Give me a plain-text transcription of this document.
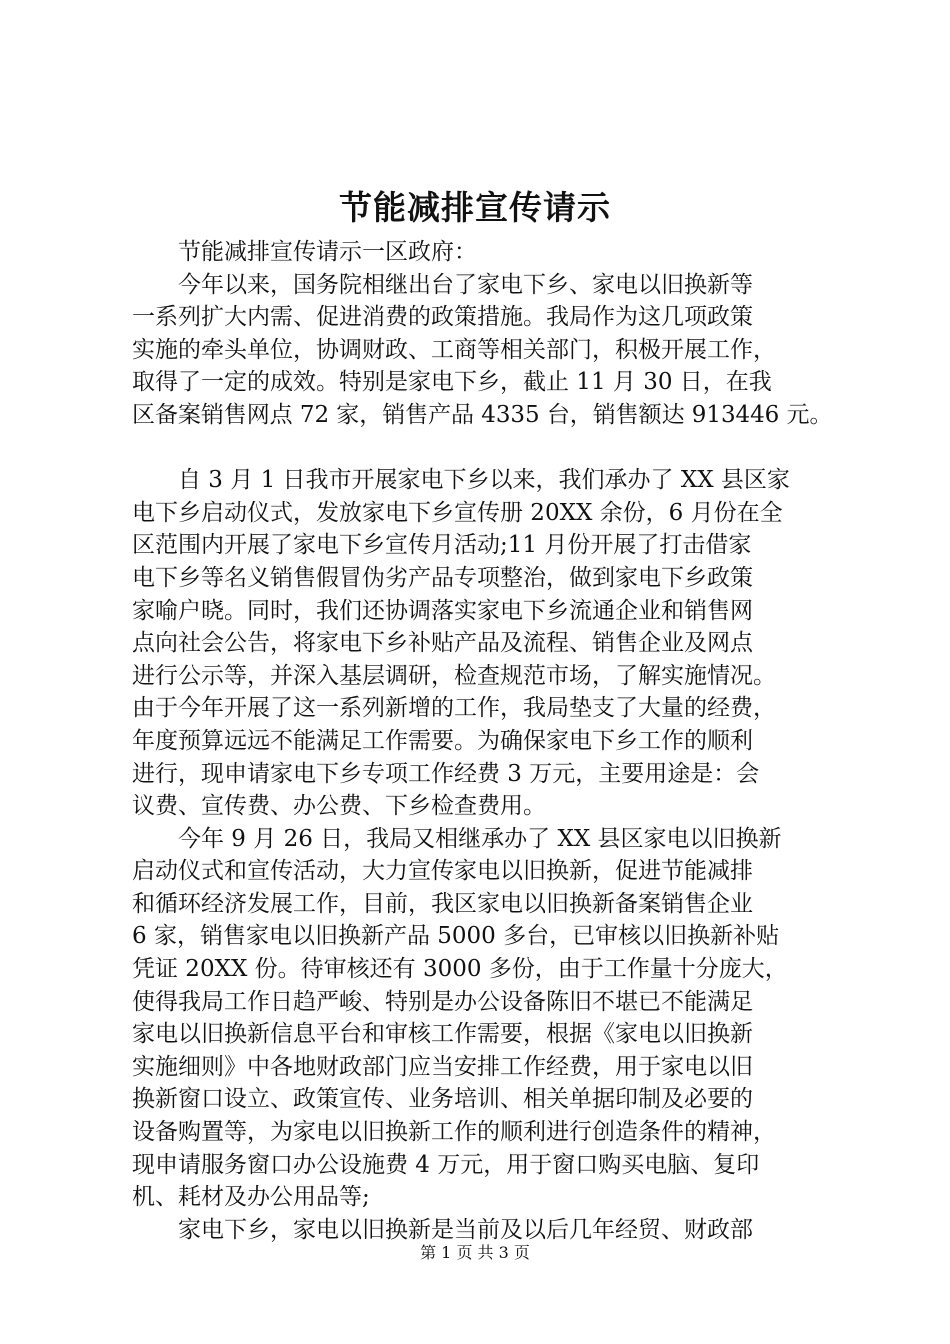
节能减排宣传请示
　　节能减排宣传请示一区政府：
　　今年以来，国务院相继出台了家电下乡、家电以旧换新等
一系列扩大内需、促进消费的政策措施。我局作为这几项政策
实施的牵头单位，协调财政、工商等相关部门，积极开展工作，
取得了一定的成效。特别是家电下乡，截止 11 月 30 日，在我
区备案销售网点 72 家，销售产品 4335 台，销售额达 913446 元。
　　自 3 月 1 日我市开展家电下乡以来，我们承办了 XX 县区家
电下乡启动仪式，发放家电下乡宣传册 20XX 余份，6 月份在全
区范围内开展了家电下乡宣传月活动;11 月份开展了打击借家
电下乡等名义销售假冒伪劣产品专项整治，做到家电下乡政策
家喻户晓。同时，我们还协调落实家电下乡流通企业和销售网
点向社会公告，将家电下乡补贴产品及流程、销售企业及网点
进行公示等，并深入基层调研，检查规范市场，了解实施情况。
由于今年开展了这一系列新增的工作，我局垫支了大量的经费，
年度预算远远不能满足工作需要。为确保家电下乡工作的顺利
进行，现申请家电下乡专项工作经费 3 万元，主要用途是：会
议费、宣传费、办公费、下乡检查费用。
　　今年 9 月 26 日，我局又相继承办了 XX 县区家电以旧换新
启动仪式和宣传活动，大力宣传家电以旧换新，促进节能减排
和循环经济发展工作，目前，我区家电以旧换新备案销售企业
6 家，销售家电以旧换新产品 5000 多台，已审核以旧换新补贴
凭证 20XX 份。待审核还有 3000 多份，由于工作量十分庞大，
使得我局工作日趋严峻、特别是办公设备陈旧不堪已不能满足
家电以旧换新信息平台和审核工作需要，根据《家电以旧换新
实施细则》中各地财政部门应当安排工作经费，用于家电以旧
换新窗口设立、政策宣传、业务培训、相关单据印制及必要的
设备购置等，为家电以旧换新工作的顺利进行创造条件的精神，
现申请服务窗口办公设施费 4 万元，用于窗口购买电脑、复印
机、耗材及办公用品等;
　　家电下乡，家电以旧换新是当前及以后几年经贸、财政部
第 1 页 共 3 页
